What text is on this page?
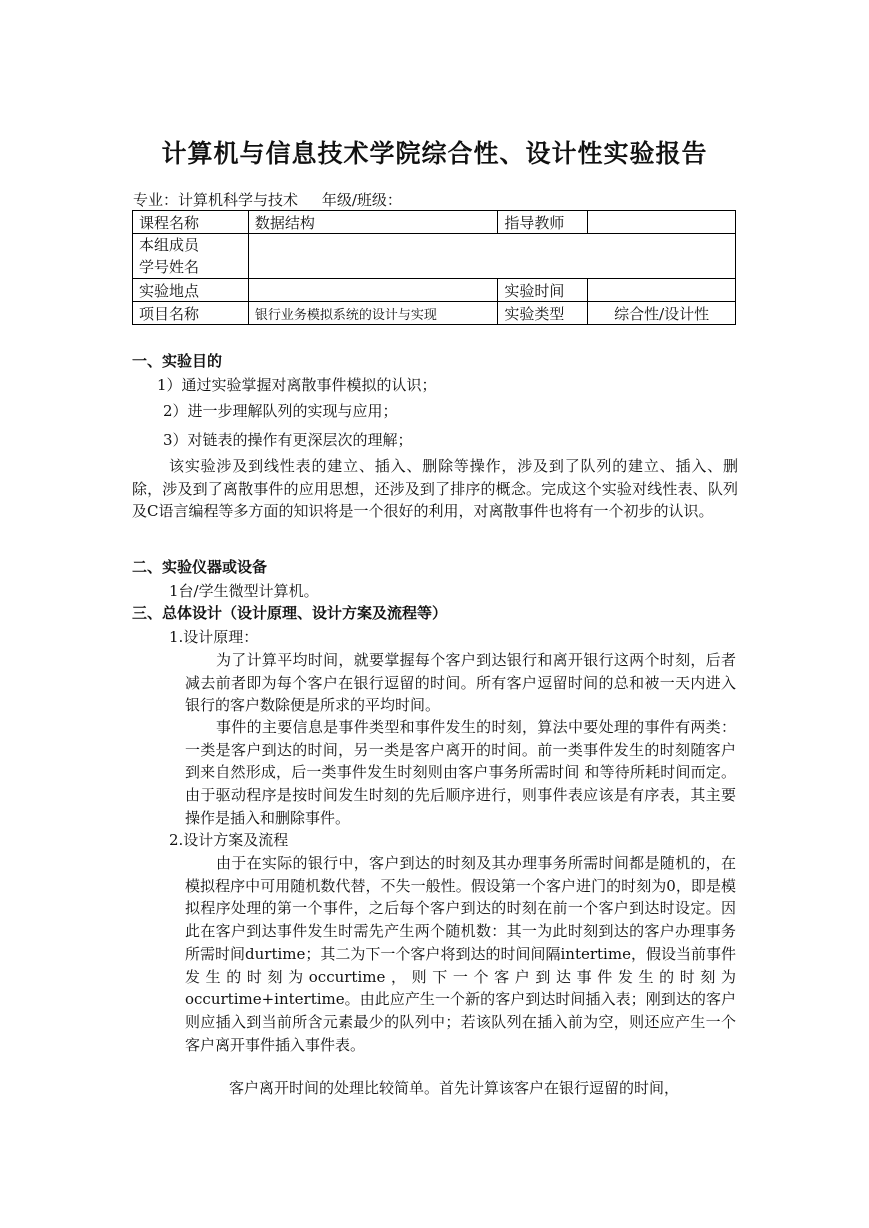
计算机与信息技术学院综合性、设计性实验报告
专业：计算机科学与技术 年级/班级：
课程名称	数据结构	指导教师	
本组成员
学号姓名			
实验地点		实验时间	
项目名称	银行业务模拟系统的设计与实现	实验类型	综合性/设计性
一、实验目的
1）通过实验掌握对离散事件模拟的认识；
2）进一步理解队列的实现与应用；
3）对链表的操作有更深层次的理解；
该实验涉及到线性表的建立、插入、删除等操作，涉及到了队列的建立、插入、删除，涉及到了离散事件的应用思想，还涉及到了排序的概念。完成这个实验对线性表、队列及C语言编程等多方面的知识将是一个很好的利用，对离散事件也将有一个初步的认识。
二、实验仪器或设备
1台/学生微型计算机。
三、总体设计（设计原理、设计方案及流程等）
1.设计原理：
为了计算平均时间，就要掌握每个客户到达银行和离开银行这两个时刻，后者减去前者即为每个客户在银行逗留的时间。所有客户逗留时间的总和被一天内进入银行的客户数除便是所求的平均时间。
事件的主要信息是事件类型和事件发生的时刻，算法中要处理的事件有两类：一类是客户到达的时间，另一类是客户离开的时间。前一类事件发生的时刻随客户到来自然形成，后一类事件发生时刻则由客户事务所需时间 和等待所耗时间而定。由于驱动程序是按时间发生时刻的先后顺序进行，则事件表应该是有序表，其主要操作是插入和删除事件。
2.设计方案及流程
由于在实际的银行中，客户到达的时刻及其办理事务所需时间都是随机的，在模拟程序中可用随机数代替，不失一般性。假设第一个客户进门的时刻为0，即是模拟程序处理的第一个事件，之后每个客户到达的时刻在前一个客户到达时设定。因此在客户到达事件发生时需先产生两个随机数：其一为此时刻到达的客户办理事务所需时间durtime；其二为下一个客户将到达的时间间隔intertime，假设当前事件发生的时刻为occurtime，则下一个客户到达事件发生的时刻为occurtime+intertime。由此应产生一个新的客户到达时间插入表；刚到达的客户则应插入到当前所含元素最少的队列中；若该队列在插入前为空，则还应产生一个客户离开事件插入事件表。
客户离开时间的处理比较简单。首先计算该客户在银行逗留的时间，
